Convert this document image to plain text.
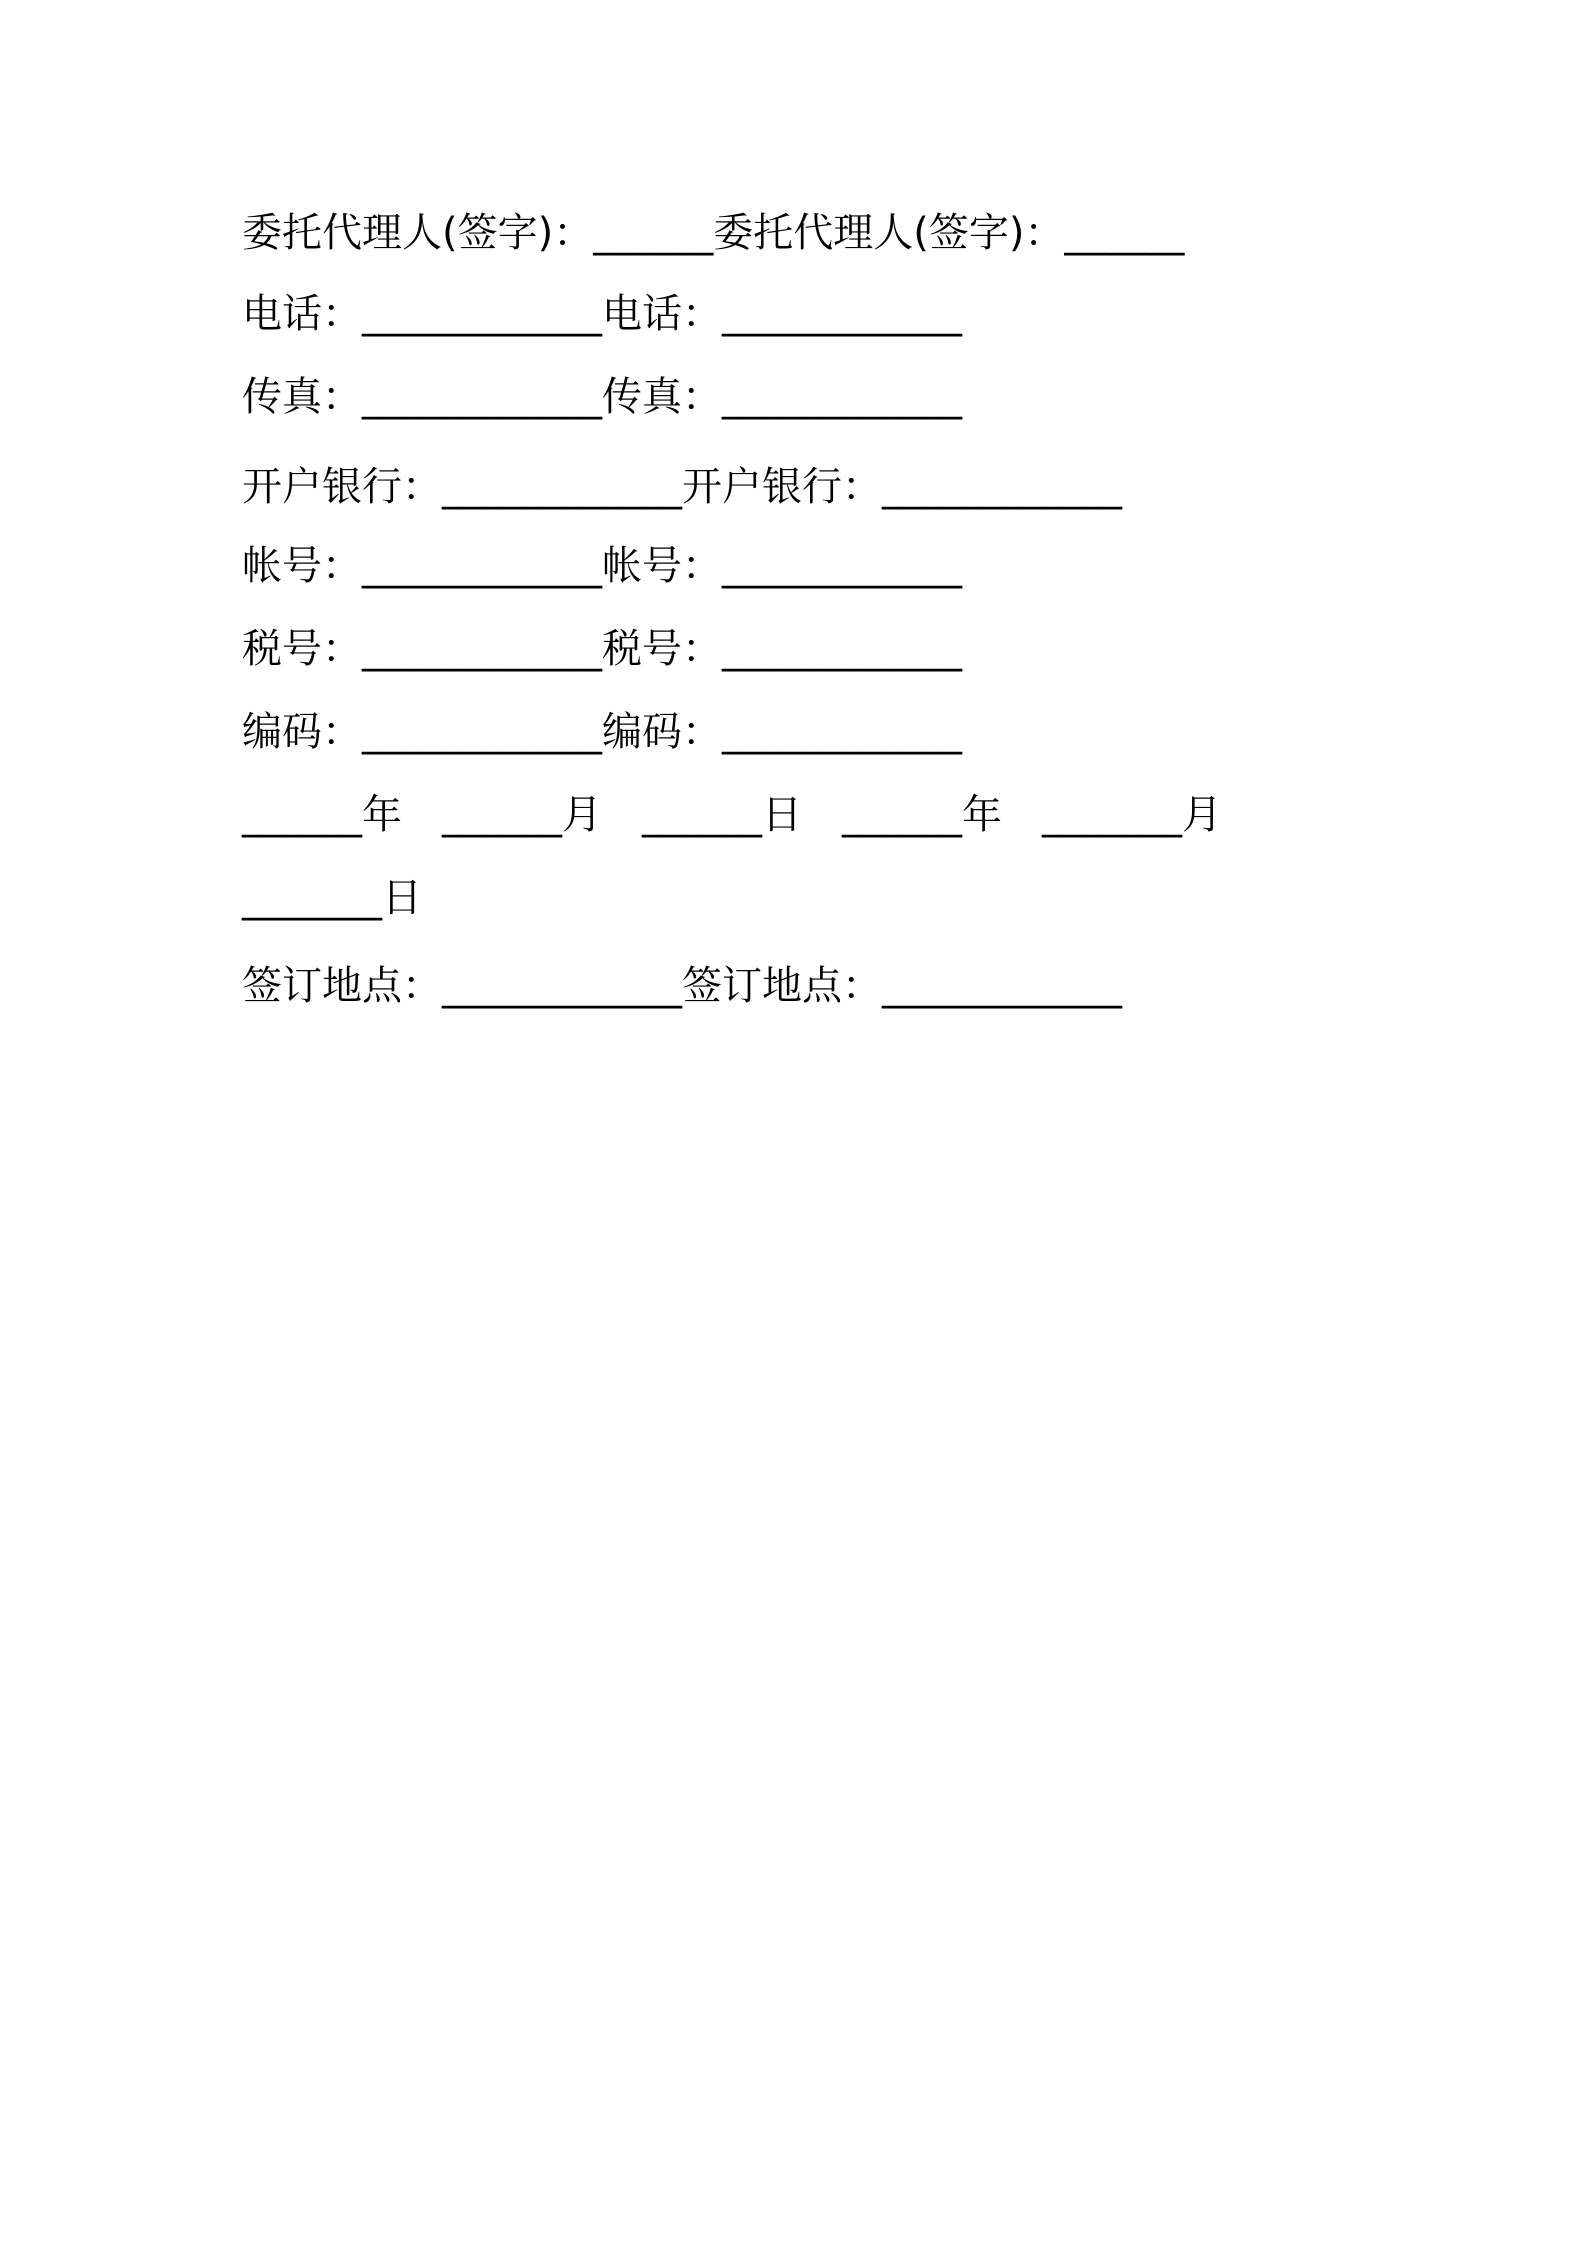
委托代理人(签字)：______委托代理人(签字)：______
电话：____________电话：____________
传真：____________传真：____________
开户银行：____________开户银行：____________
帐号：____________帐号：____________
税号：____________税号：____________
编码：____________编码：____________
______年　______月　______日　______年　_______月
_______日
签订地点：____________签订地点：____________
